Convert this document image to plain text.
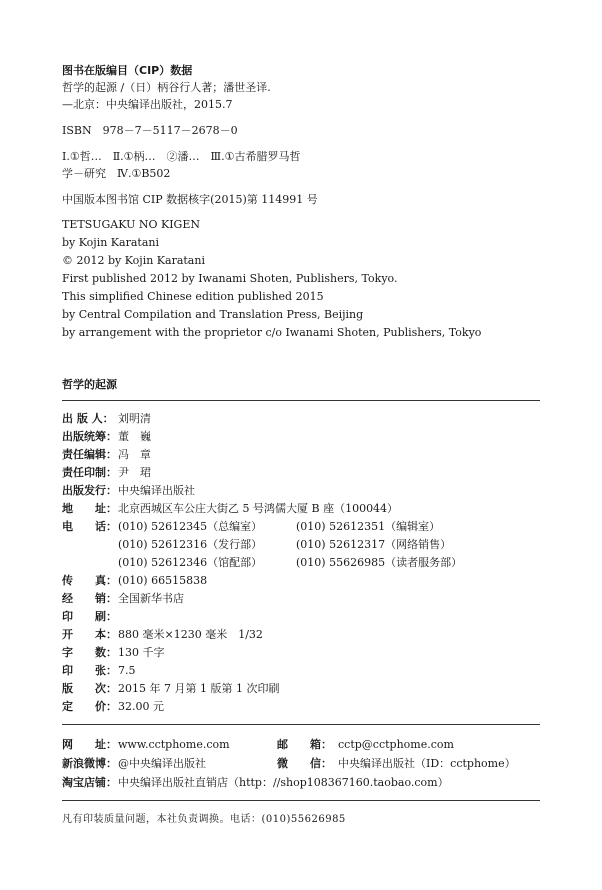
图书在版编目（CIP）数据
哲学的起源 /（日）柄谷行人著；潘世圣译.
—北京：中央编译出版社，2015.7
ISBN　978－7－5117－2678－0
Ⅰ.①哲…　Ⅱ.①柄…　②潘…　Ⅲ.①古希腊罗马哲
学－研究　Ⅳ.①B502
中国版本图书馆 CIP 数据核字(2015)第 114991 号
TETSUGAKU NO KIGEN
by Kojin Karatani
© 2012 by Kojin Karatani
First published 2012 by Iwanami Shoten, Publishers, Tokyo.
This simplified Chinese edition published 2015
by Central Compilation and Translation Press, Beijing
by arrangement with the proprietor c/o Iwanami Shoten, Publishers, Tokyo
哲学的起源
出 版 人： 刘明清
出版统筹： 董　巍
责任编辑： 冯　章
责任印制： 尹　珺
出版发行： 中央编译出版社
地　　址： 北京西城区车公庄大街乙 5 号鸿儒大厦 B 座（100044）
电　　话： (010) 52612345（总编室）	(010) 52612351（编辑室）
(010) 52612316（发行部）	(010) 52612317（网络销售）
(010) 52612346（馆配部）	(010) 55626985（读者服务部）
传　　真： (010) 66515838
经　　销： 全国新华书店
印　　刷：
开　　本： 880 毫米×1230 毫米　1/32
字　　数： 130 千字
印　　张： 7.5
版　　次： 2015 年 7 月第 1 版第 1 次印刷
定　　价： 32.00 元
网　　址： www.cctphome.com	邮　　箱： cctp@cctphome.com
新浪微博： @中央编译出版社	微　　信： 中央编译出版社（ID：cctphome）
淘宝店铺： 中央编译出版社直销店（http：//shop108367160.taobao.com）
凡有印装质量问题，本社负责调换。电话：(010)55626985
